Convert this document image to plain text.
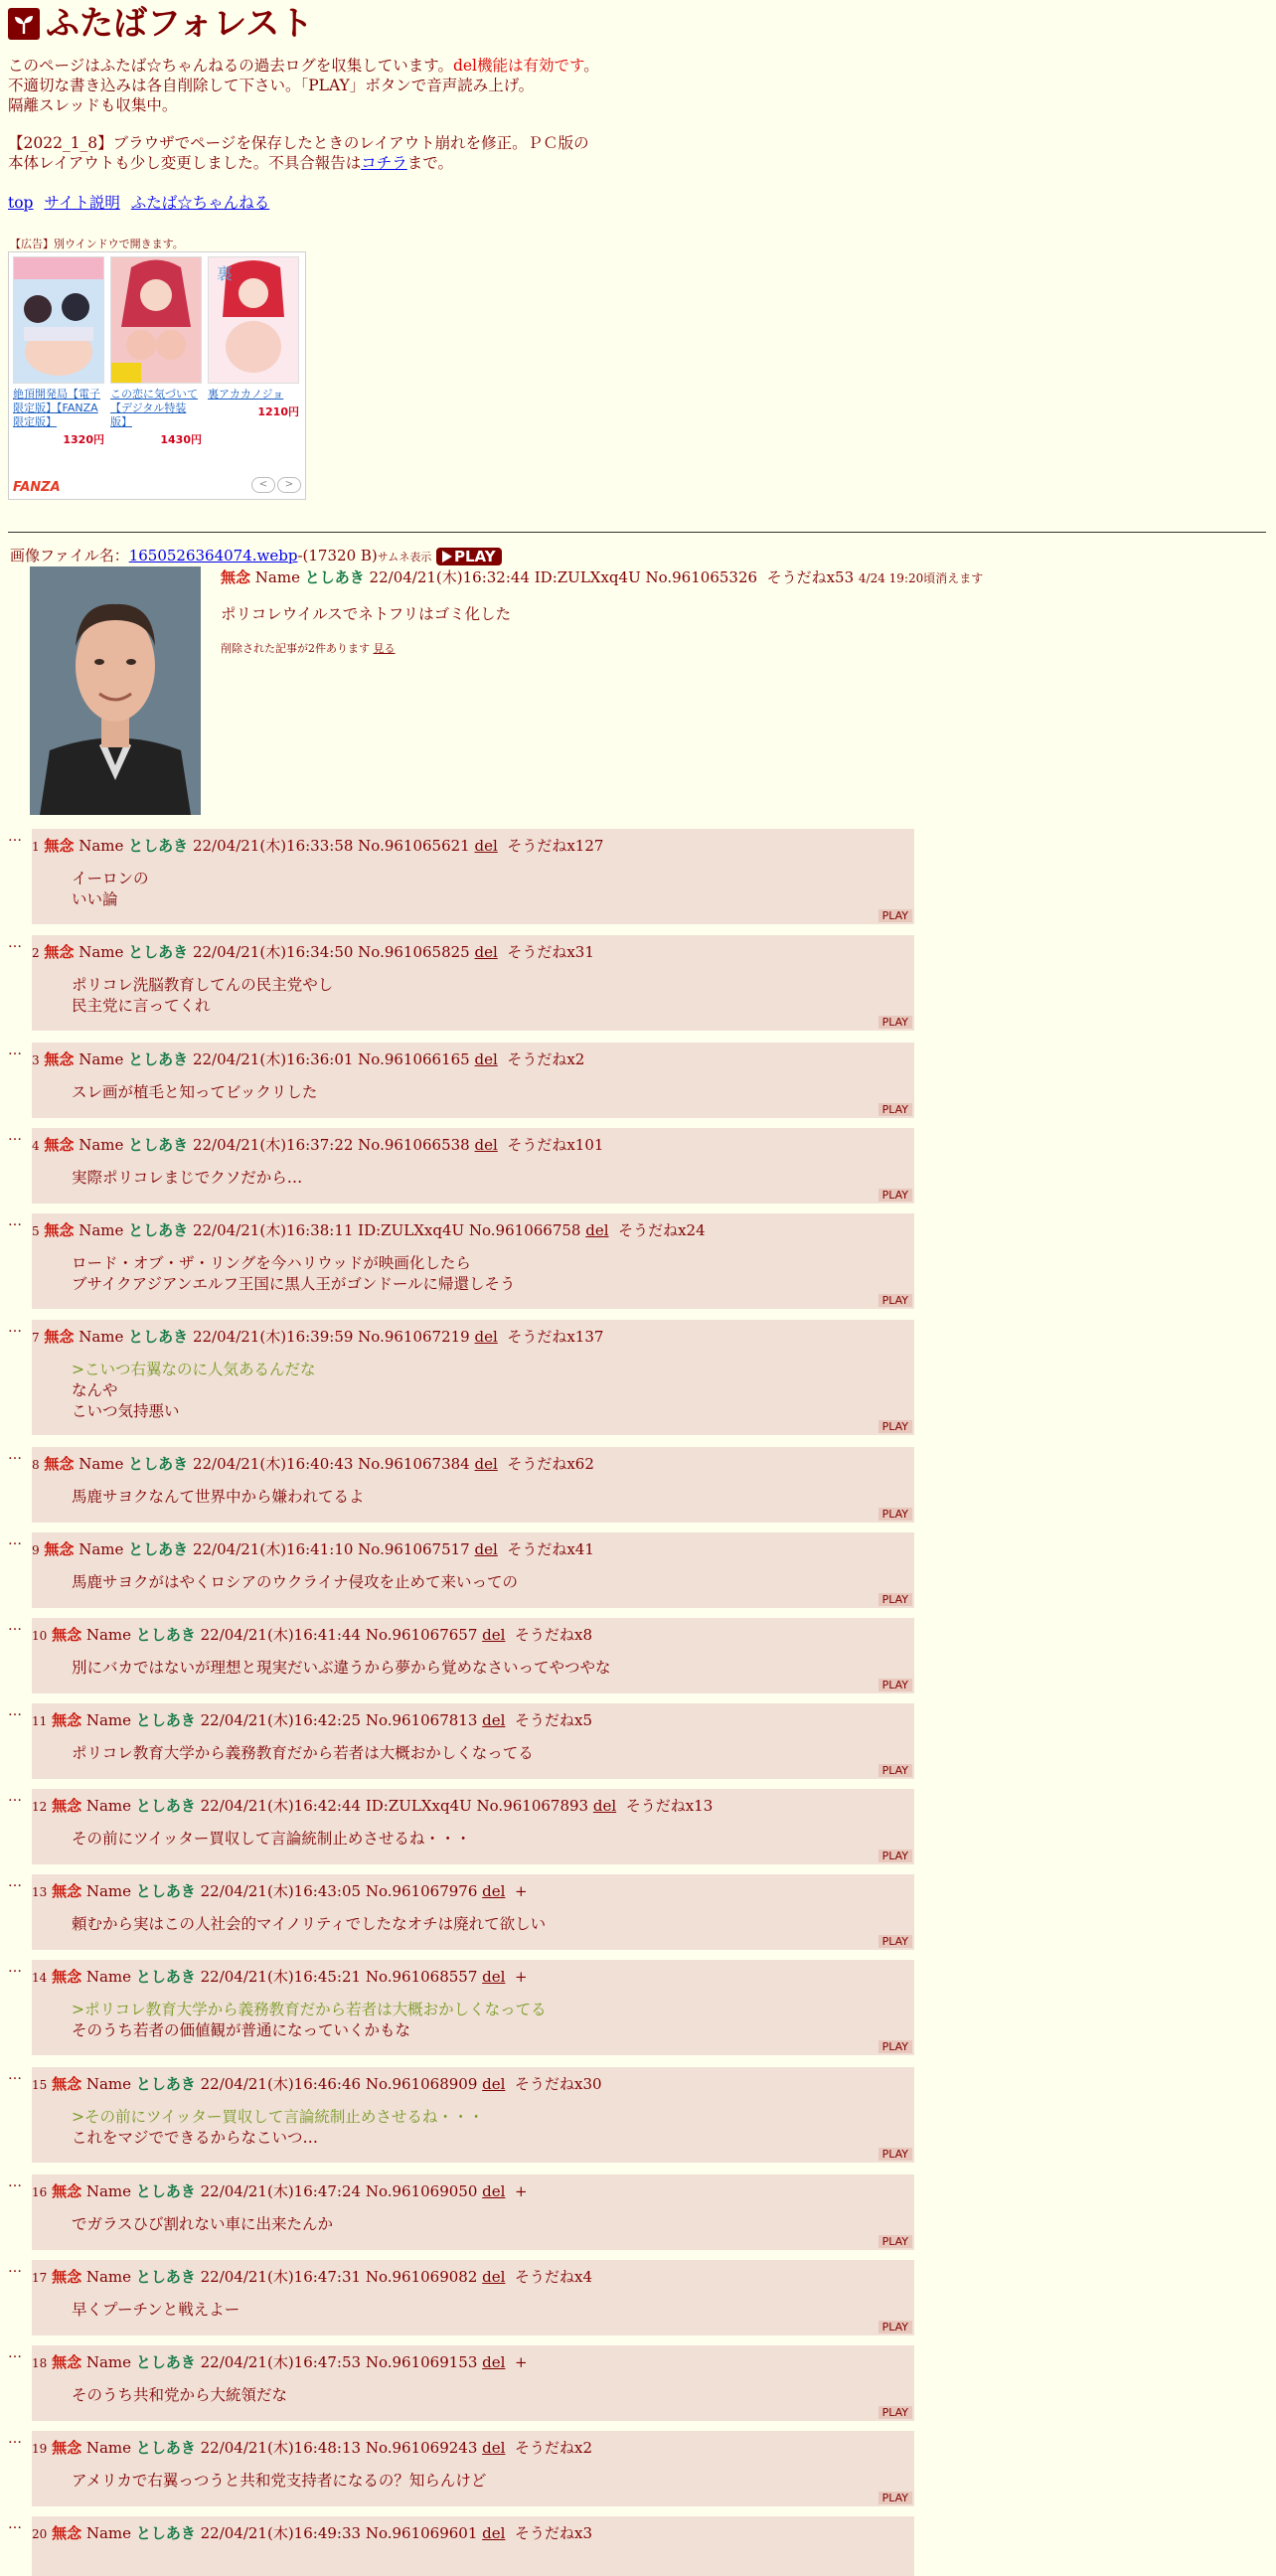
ふたばフォレスト
このページはふたば☆ちゃんねるの過去ログを収集しています。del機能は有効です。不適切な書き込みは各自削除して下さい。「PLAY」ボタンで音声読み上げ。
隔離スレッドも収集中。
【2022_1_8】ブラウザでページを保存したときのレイアウト崩れを修正。ＰＣ版の本体レイアウトも少し変更しました。不具合報告はコチラまで。
top サイト説明 ふたば☆ちゃんねる
【広告】別ウインドウで開きます。
絶頂開発局【電子限定版】【FANZA限定版】
1320円
この恋に気づいて【デジタル特装版】
1430円
裏
裏アカカノジョ
1210円
FANZA	<	>
画像ファイル名：1650526364074.webp-(17320 B)サムネ表示 PLAY
無念 Name としあき 22/04/21(木)16:32:44 ID:ZULXxq4U No.961065326 そうだねx53 4/24 19:20頃消えます
ポリコレウイルスでネトフリはゴミ化した
削除された記事が2件あります 見る
…
1 無念 Name としあき 22/04/21(木)16:33:58 No.961065621 del そうだねx127
イーロンの
いい論
PLAY
…
2 無念 Name としあき 22/04/21(木)16:34:50 No.961065825 del そうだねx31
ポリコレ洗脳教育してんの民主党やし
民主党に言ってくれ
PLAY
…
3 無念 Name としあき 22/04/21(木)16:36:01 No.961066165 del そうだねx2
スレ画が植毛と知ってビックリした
PLAY
…
4 無念 Name としあき 22/04/21(木)16:37:22 No.961066538 del そうだねx101
実際ポリコレまじでクソだから…
PLAY
…
5 無念 Name としあき 22/04/21(木)16:38:11 ID:ZULXxq4U No.961066758 del そうだねx24
ロード・オブ・ザ・リングを今ハリウッドが映画化したら
ブサイクアジアンエルフ王国に黒人王がゴンドールに帰還しそう
PLAY
…
7 無念 Name としあき 22/04/21(木)16:39:59 No.961067219 del そうだねx137
>こいつ右翼なのに人気あるんだな
なんや
こいつ気持悪い
PLAY
…
8 無念 Name としあき 22/04/21(木)16:40:43 No.961067384 del そうだねx62
馬鹿サヨクなんて世界中から嫌われてるよ
PLAY
…
9 無念 Name としあき 22/04/21(木)16:41:10 No.961067517 del そうだねx41
馬鹿サヨクがはやくロシアのウクライナ侵攻を止めて来いっての
PLAY
…
10 無念 Name としあき 22/04/21(木)16:41:44 No.961067657 del そうだねx8
別にバカではないが理想と現実だいぶ違うから夢から覚めなさいってやつやな
PLAY
…
11 無念 Name としあき 22/04/21(木)16:42:25 No.961067813 del そうだねx5
ポリコレ教育大学から義務教育だから若者は大概おかしくなってる
PLAY
…
12 無念 Name としあき 22/04/21(木)16:42:44 ID:ZULXxq4U No.961067893 del そうだねx13
その前にツイッター買収して言論統制止めさせるね・・・
PLAY
…
13 無念 Name としあき 22/04/21(木)16:43:05 No.961067976 del +
頼むから実はこの人社会的マイノリティでしたなオチは廃れて欲しい
PLAY
…
14 無念 Name としあき 22/04/21(木)16:45:21 No.961068557 del +
>ポリコレ教育大学から義務教育だから若者は大概おかしくなってる
そのうち若者の価値観が普通になっていくかもな
PLAY
…
15 無念 Name としあき 22/04/21(木)16:46:46 No.961068909 del そうだねx30
>その前にツイッター買収して言論統制止めさせるね・・・
これをマジでできるからなこいつ…
PLAY
…
16 無念 Name としあき 22/04/21(木)16:47:24 No.961069050 del +
でガラスひび割れない車に出来たんか
PLAY
…
17 無念 Name としあき 22/04/21(木)16:47:31 No.961069082 del そうだねx4
早くプーチンと戦えよー
PLAY
…
18 無念 Name としあき 22/04/21(木)16:47:53 No.961069153 del +
そのうち共和党から大統領だな
PLAY
…
19 無念 Name としあき 22/04/21(木)16:48:13 No.961069243 del そうだねx2
アメリカで右翼っつうと共和党支持者になるの？知らんけど
PLAY
…
20 無念 Name としあき 22/04/21(木)16:49:33 No.961069601 del そうだねx3
